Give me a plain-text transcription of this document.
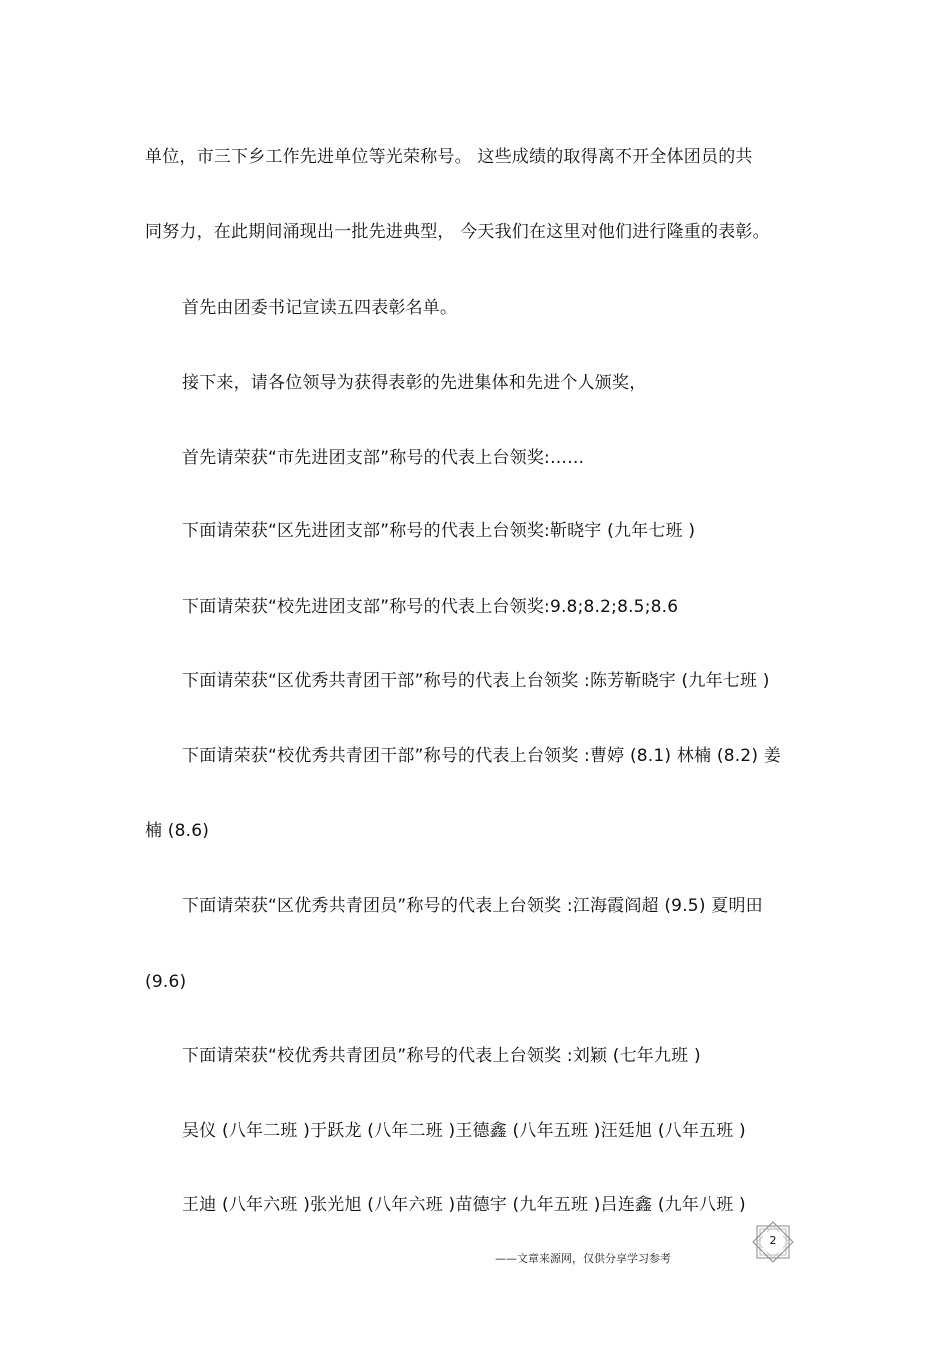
单位，市三下乡工作先进单位等光荣称号。 这些成绩的取得离不开全体团员的共
同努力，在此期间涌现出一批先进典型， 今天我们在这里对他们进行隆重的表彰。
首先由团委书记宣读五四表彰名单。
接下来，请各位领导为获得表彰的先进集体和先进个人颁奖，
首先请荣获“市先进团支部”称号的代表上台领奖:……
下面请荣获“区先进团支部”称号的代表上台领奖:靳晓宇 (九年七班 )
下面请荣获“校先进团支部”称号的代表上台领奖:9.8;8.2;8.5;8.6
下面请荣获“区优秀共青团干部”称号的代表上台领奖 :陈芳靳晓宇 (九年七班 )
下面请荣获“校优秀共青团干部”称号的代表上台领奖 :曹婷 (8.1) 林楠 (8.2) 姜
楠 (8.6)
下面请荣获“区优秀共青团员”称号的代表上台领奖 :江海霞阎超 (9.5) 夏明田
(9.6)
下面请荣获“校优秀共青团员”称号的代表上台领奖 :刘颖 (七年九班 )
吴仪 (八年二班 )于跃龙 (八年二班 )王德鑫 (八年五班 )汪廷旭 (八年五班 )
王迪 (八年六班 )张光旭 (八年六班 )苗德宇 (九年五班 )吕连鑫 (九年八班 )
2
——文章来源网，仅供分享学习参考
